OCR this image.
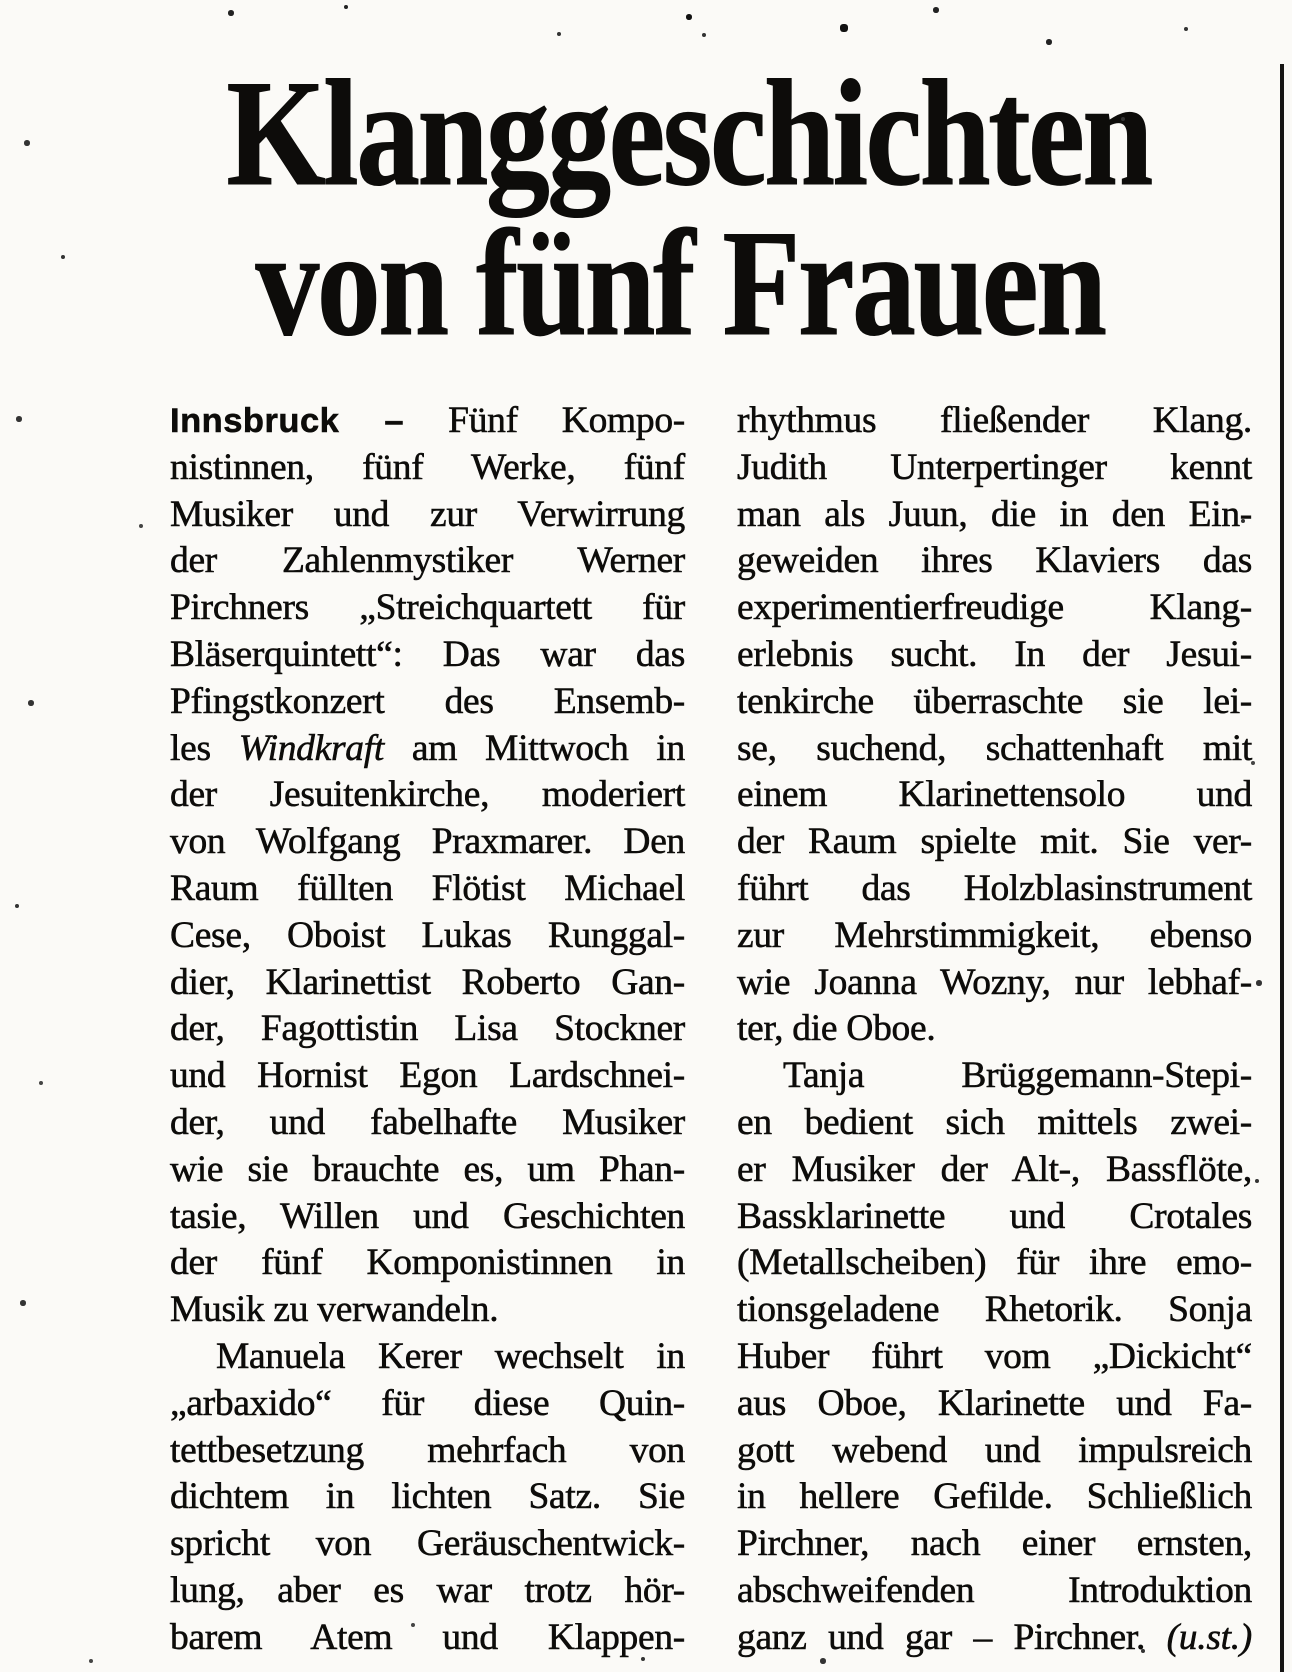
Klanggeschichten
von fünf Frauen
Innsbruck – Fünf Kompo-
nistinnen, fünf Werke, fünf
Musiker und zur Verwirrung
der Zahlenmystiker Werner
Pirchners „Streichquartett für
Bläserquintett“: Das war das
Pfingstkonzert des Ensemb-
les Windkraft am Mittwoch in
der Jesuitenkirche, moderiert
von Wolfgang Praxmarer. Den
Raum füllten Flötist Michael
Cese, Oboist Lukas Runggal-
dier, Klarinettist Roberto Gan-
der, Fagottistin Lisa Stockner
und Hornist Egon Lardschnei-
der, und fabelhafte Musiker
wie sie brauchte es, um Phan-
tasie, Willen und Geschichten
der fünf Komponistinnen in
Musik zu verwandeln.
Manuela Kerer wechselt in
„arbaxido“ für diese Quin-
tettbesetzung mehrfach von
dichtem in lichten Satz. Sie
spricht von Geräuschentwick-
lung, aber es war trotz hör-
barem Atem und Klappen-
rhythmus fließender Klang.
Judith Unterpertinger kennt
man als Juun, die in den Ein-
geweiden ihres Klaviers das
experimentierfreudige Klang-
erlebnis sucht. In der Jesui-
tenkirche überraschte sie lei-
se, suchend, schattenhaft mit
einem Klarinettensolo und
der Raum spielte mit. Sie ver-
führt das Holzblasinstrument
zur Mehrstimmigkeit, ebenso
wie Joanna Wozny, nur lebhaf-
ter, die Oboe.
Tanja Brüggemann-Stepi-
en bedient sich mittels zwei-
er Musiker der Alt-, Bassflöte,
Bassklarinette und Crotales
(Metallscheiben) für ihre emo-
tionsgeladene Rhetorik. Sonja
Huber führt vom „Dickicht“
aus Oboe, Klarinette und Fa-
gott webend und impulsreich
in hellere Gefilde. Schließlich
Pirchner, nach einer ernsten,
abschweifenden Introduktion
ganz und gar – Pirchner. (u.st.)
